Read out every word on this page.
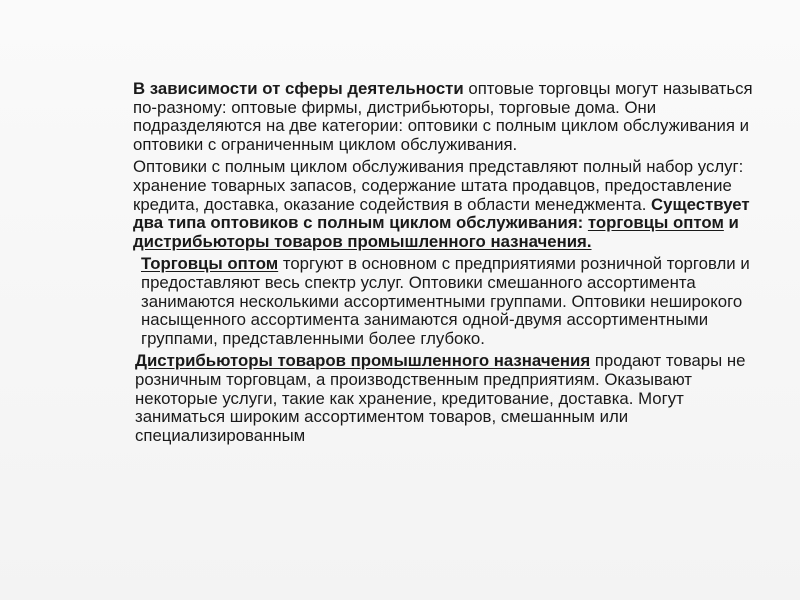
В зависимости от сферы деятельности оптовые торговцы могут называться по-разному: оптовые фирмы, дистрибьюторы, торговые дома. Они подразделяются на две категории: оптовики с полным циклом обслуживания и оптовики с ограниченным циклом обслуживания.

Оптовики с полным циклом обслуживания представляют полный набор услуг: хранение товарных запасов, содержание штата продавцов, предоставление кредита, доставка, оказание содействия в области менеджмента. Существует два типа оптовиков с полным циклом обслуживания: торговцы оптом и дистрибьюторы товаров промышленного назначения.

Торговцы оптом торгуют в основном с предприятиями розничной торговли и предоставляют весь спектр услуг. Оптовики смешанного ассортимента занимаются несколькими ассортиментными группами. Оптовики неширокого насыщенного ассортимента занимаются одной-двумя ассортиментными группами, представленными более глубоко.

Дистрибьюторы товаров промышленного назначения продают товары не розничным торговцам, а производственным предприятиям. Оказывают некоторые услуги, такие как хранение, кредитование, доставка. Могут заниматься широким ассортиментом товаров, смешанным или специализированным
